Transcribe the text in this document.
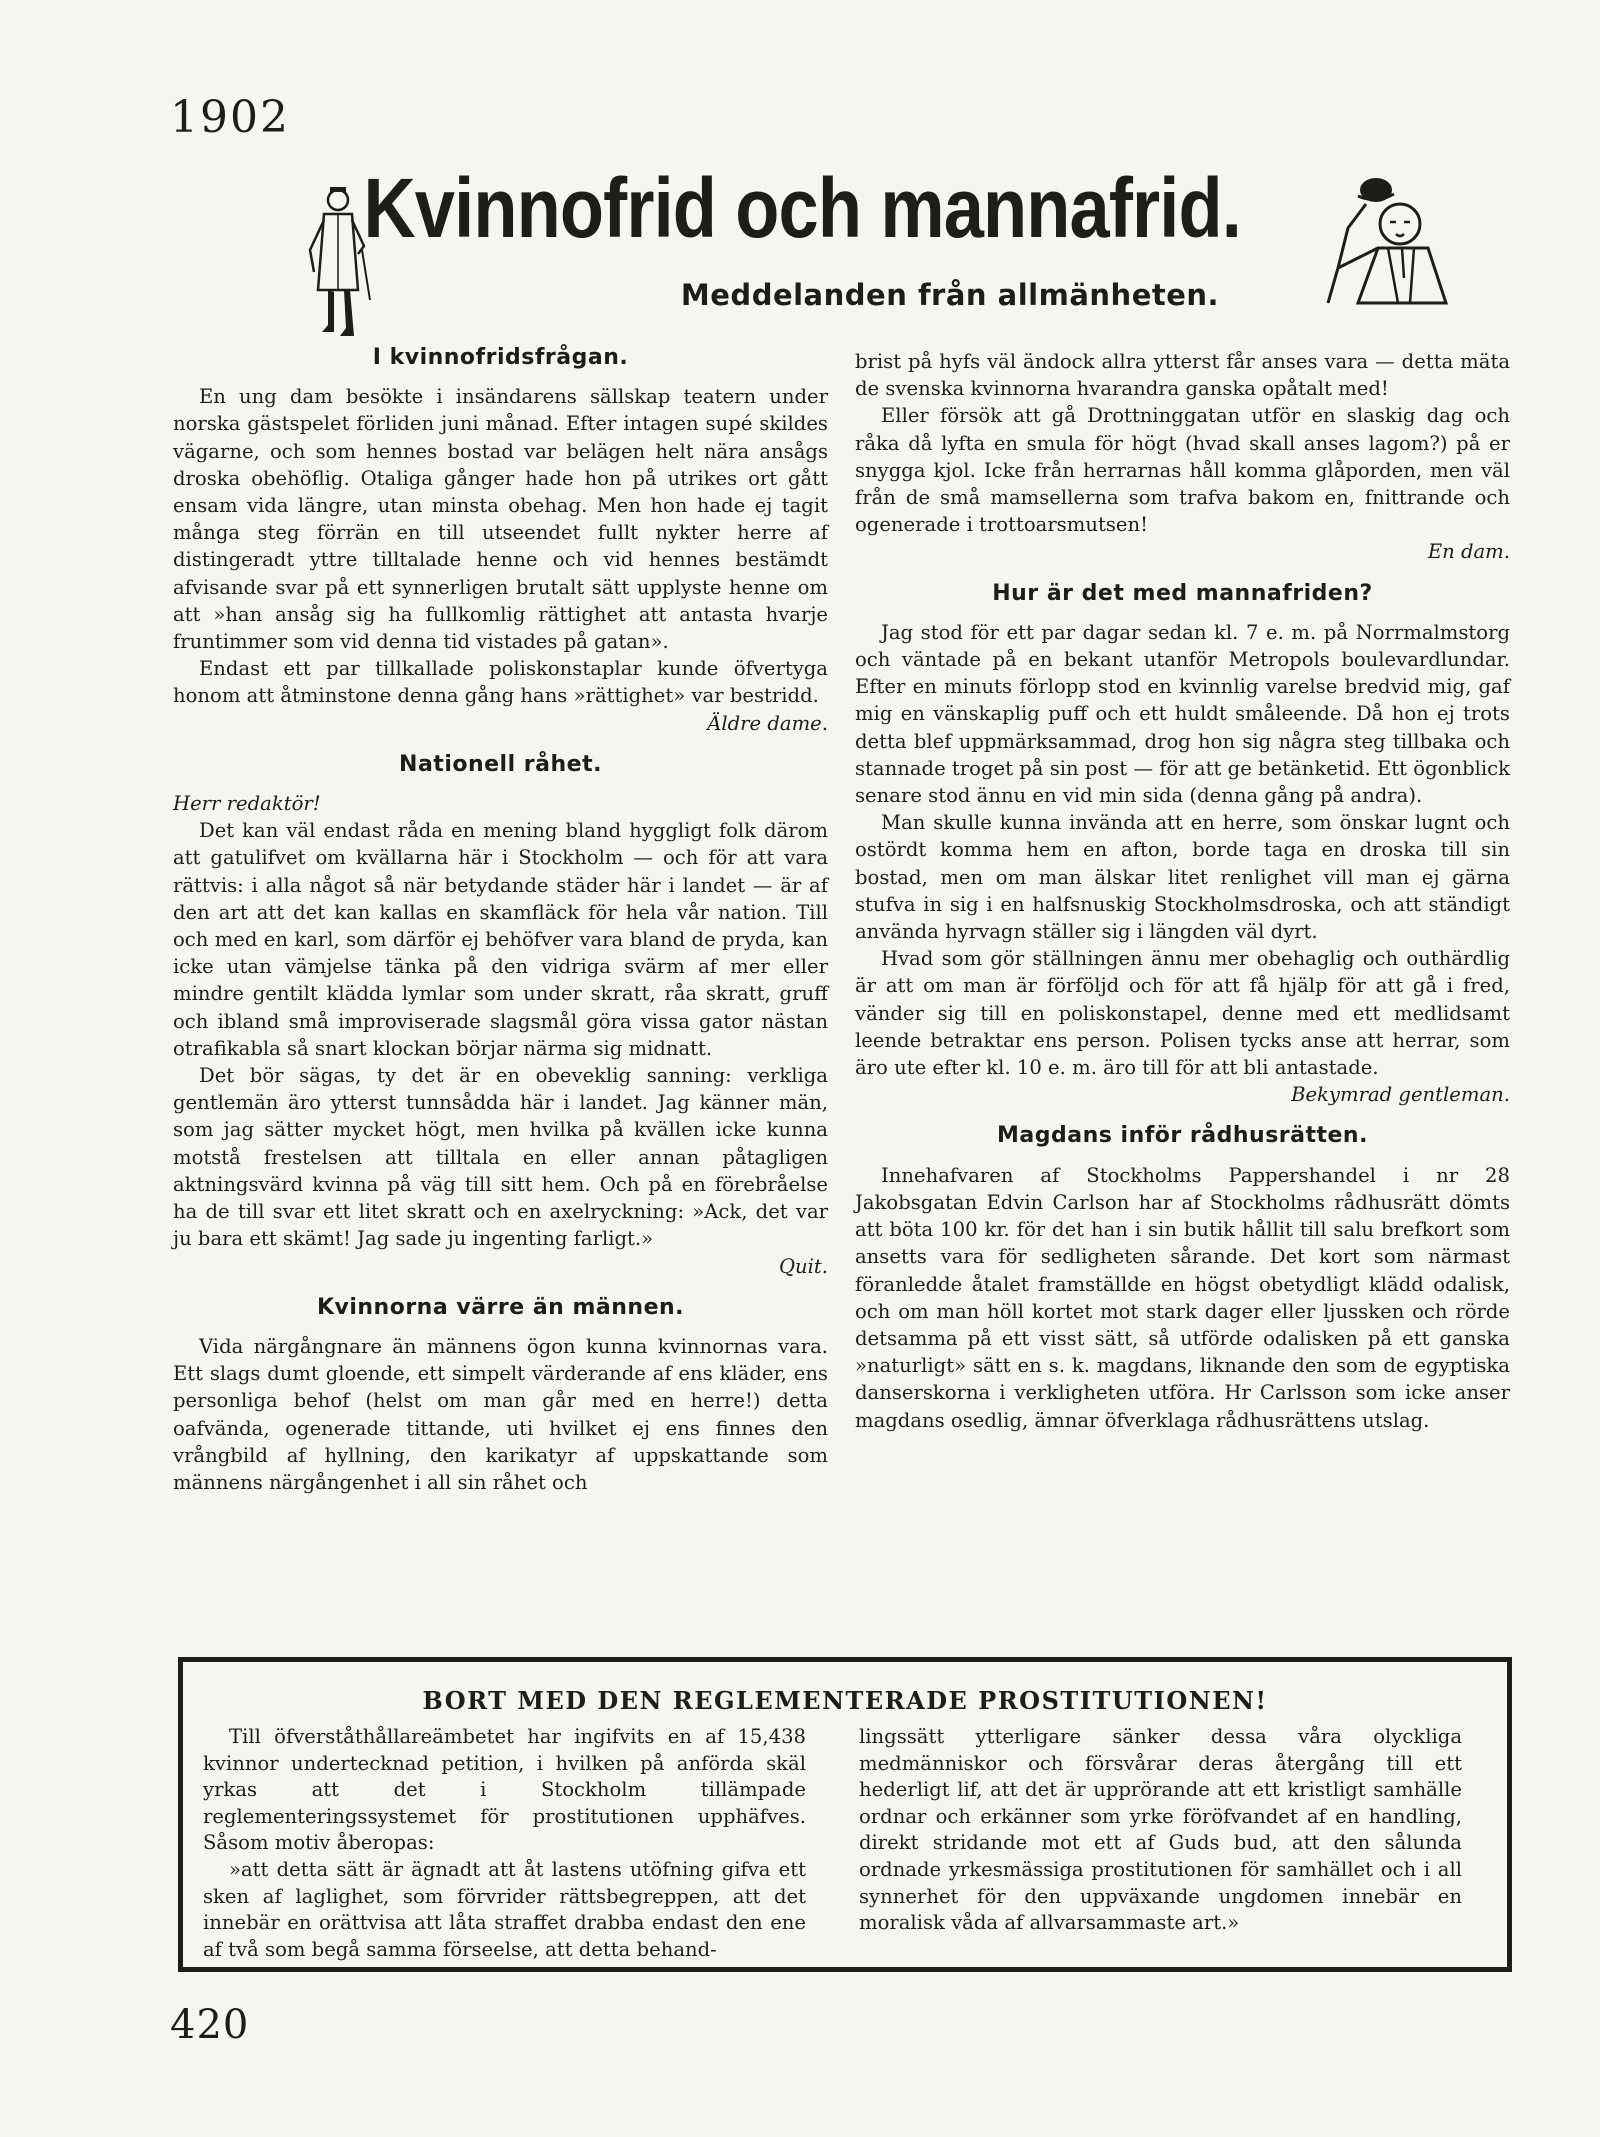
1902
Kvinnofrid och mannafrid.
Meddelanden från allmänheten.
I kvinnofridsfrågan.

En ung dam besökte i insändarens sällskap teatern under norska gästspelet förliden juni månad. Efter intagen supé skildes vägarne, och som hennes bostad var belägen helt nära ansågs droska obehöflig. Otaliga gånger hade hon på utrikes ort gått ensam vida längre, utan minsta obehag. Men hon hade ej tagit många steg förrän en till utseendet fullt nykter herre af distingeradt yttre tilltalade henne och vid hennes bestämdt afvisande svar på ett synnerligen brutalt sätt upplyste henne om att »han ansåg sig ha fullkomlig rättighet att antasta hvarje fruntimmer som vid denna tid vistades på gatan».

Endast ett par tillkallade poliskonstaplar kunde öfvertyga honom att åtminstone denna gång hans »rättighet» var bestridd.

Äldre dame.

Nationell råhet.

Herr redaktör!

Det kan väl endast råda en mening bland hyggligt folk därom att gatulifvet om kvällarna här i Stockholm — och för att vara rättvis: i alla något så när betydande städer här i landet — är af den art att det kan kallas en skamfläck för hela vår nation. Till och med en karl, som därför ej behöfver vara bland de pryda, kan icke utan vämjelse tänka på den vidriga svärm af mer eller mindre gentilt klädda lymlar som under skratt, råa skratt, gruff och ibland små improviserade slagsmål göra vissa gator nästan otrafikabla så snart klockan börjar närma sig midnatt.

Det bör sägas, ty det är en obeveklig sanning: verkliga gentlemän äro ytterst tunnsådda här i landet. Jag känner män, som jag sätter mycket högt, men hvilka på kvällen icke kunna motstå frestelsen att tilltala en eller annan påtagligen aktningsvärd kvinna på väg till sitt hem. Och på en förebråelse ha de till svar ett litet skratt och en axelryckning: »Ack, det var ju bara ett skämt! Jag sade ju ingenting farligt.»

Quit.

Kvinnorna värre än männen.

Vida närgångnare än männens ögon kunna kvinnornas vara. Ett slags dumt gloende, ett simpelt värderande af ens kläder, ens personliga behof (helst om man går med en herre!) detta oafvända, ogenerade tittande, uti hvilket ej ens finnes den vrångbild af hyllning, den karikatyr af uppskattande som männens närgångenhet i all sin råhet och

brist på hyfs väl ändock allra ytterst får anses vara — detta mäta de svenska kvinnorna hvarandra ganska opåtalt med!

Eller försök att gå Drottninggatan utför en slaskig dag och råka då lyfta en smula för högt (hvad skall anses lagom?) på er snygga kjol. Icke från herrarnas håll komma glåporden, men väl från de små mamsellerna som trafva bakom en, fnittrande och ogenerade i trottoarsmutsen!

En dam.

Hur är det med mannafriden?

Jag stod för ett par dagar sedan kl. 7 e. m. på Norrmalmstorg och väntade på en bekant utanför Metropols boulevardlundar. Efter en minuts förlopp stod en kvinnlig varelse bredvid mig, gaf mig en vänskaplig puff och ett huldt småleende. Då hon ej trots detta blef uppmärksammad, drog hon sig några steg tillbaka och stannade troget på sin post — för att ge betänketid. Ett ögonblick senare stod ännu en vid min sida (denna gång på andra).

Man skulle kunna invända att en herre, som önskar lugnt och ostördt komma hem en afton, borde taga en droska till sin bostad, men om man älskar litet renlighet vill man ej gärna stufva in sig i en halfsnuskig Stockholmsdroska, och att ständigt använda hyrvagn ställer sig i längden väl dyrt.

Hvad som gör ställningen ännu mer obehaglig och outhärdlig är att om man är förföljd och för att få hjälp för att gå i fred, vänder sig till en poliskonstapel, denne med ett medlidsamt leende betraktar ens person. Polisen tycks anse att herrar, som äro ute efter kl. 10 e. m. äro till för att bli antastade.

Bekymrad gentleman.

Magdans inför rådhusrätten.

Innehafvaren af Stockholms Pappershandel i nr 28 Jakobsgatan Edvin Carlson har af Stockholms rådhusrätt dömts att böta 100 kr. för det han i sin butik hållit till salu brefkort som ansetts vara för sedligheten sårande. Det kort som närmast föranledde åtalet framställde en högst obetydligt klädd odalisk, och om man höll kortet mot stark dager eller ljussken och rörde detsamma på ett visst sätt, så utförde odalisken på ett ganska »naturligt» sätt en s. k. magdans, liknande den som de egyptiska danserskorna i verkligheten utföra. Hr Carlsson som icke anser magdans osedlig, ämnar öfverklaga rådhusrättens utslag.

BORT MED DEN REGLEMENTERADE PROSTITUTIONEN!

Till öfverståthållareämbetet har ingifvits en af 15,438 kvinnor undertecknad petition, i hvilken på anförda skäl yrkas att det i Stockholm tillämpade reglementeringssystemet för prostitutionen upphäfves. Såsom motiv åberopas:

»att detta sätt är ägnadt att åt lastens utöfning gifva ett sken af laglighet, som förvrider rättsbegreppen, att det innebär en orättvisa att låta straffet drabba endast den ene af två som begå samma förseelse, att detta behand-

lingssätt ytterligare sänker dessa våra olyckliga medmänniskor och försvårar deras återgång till ett hederligt lif, att det är upprörande att ett kristligt samhälle ordnar och erkänner som yrke föröfvandet af en handling, direkt stridande mot ett af Guds bud, att den sålunda ordnade yrkesmässiga prostitutionen för samhället och i all synnerhet för den uppväxande ungdomen innebär en moralisk våda af allvarsammaste art.»

420
